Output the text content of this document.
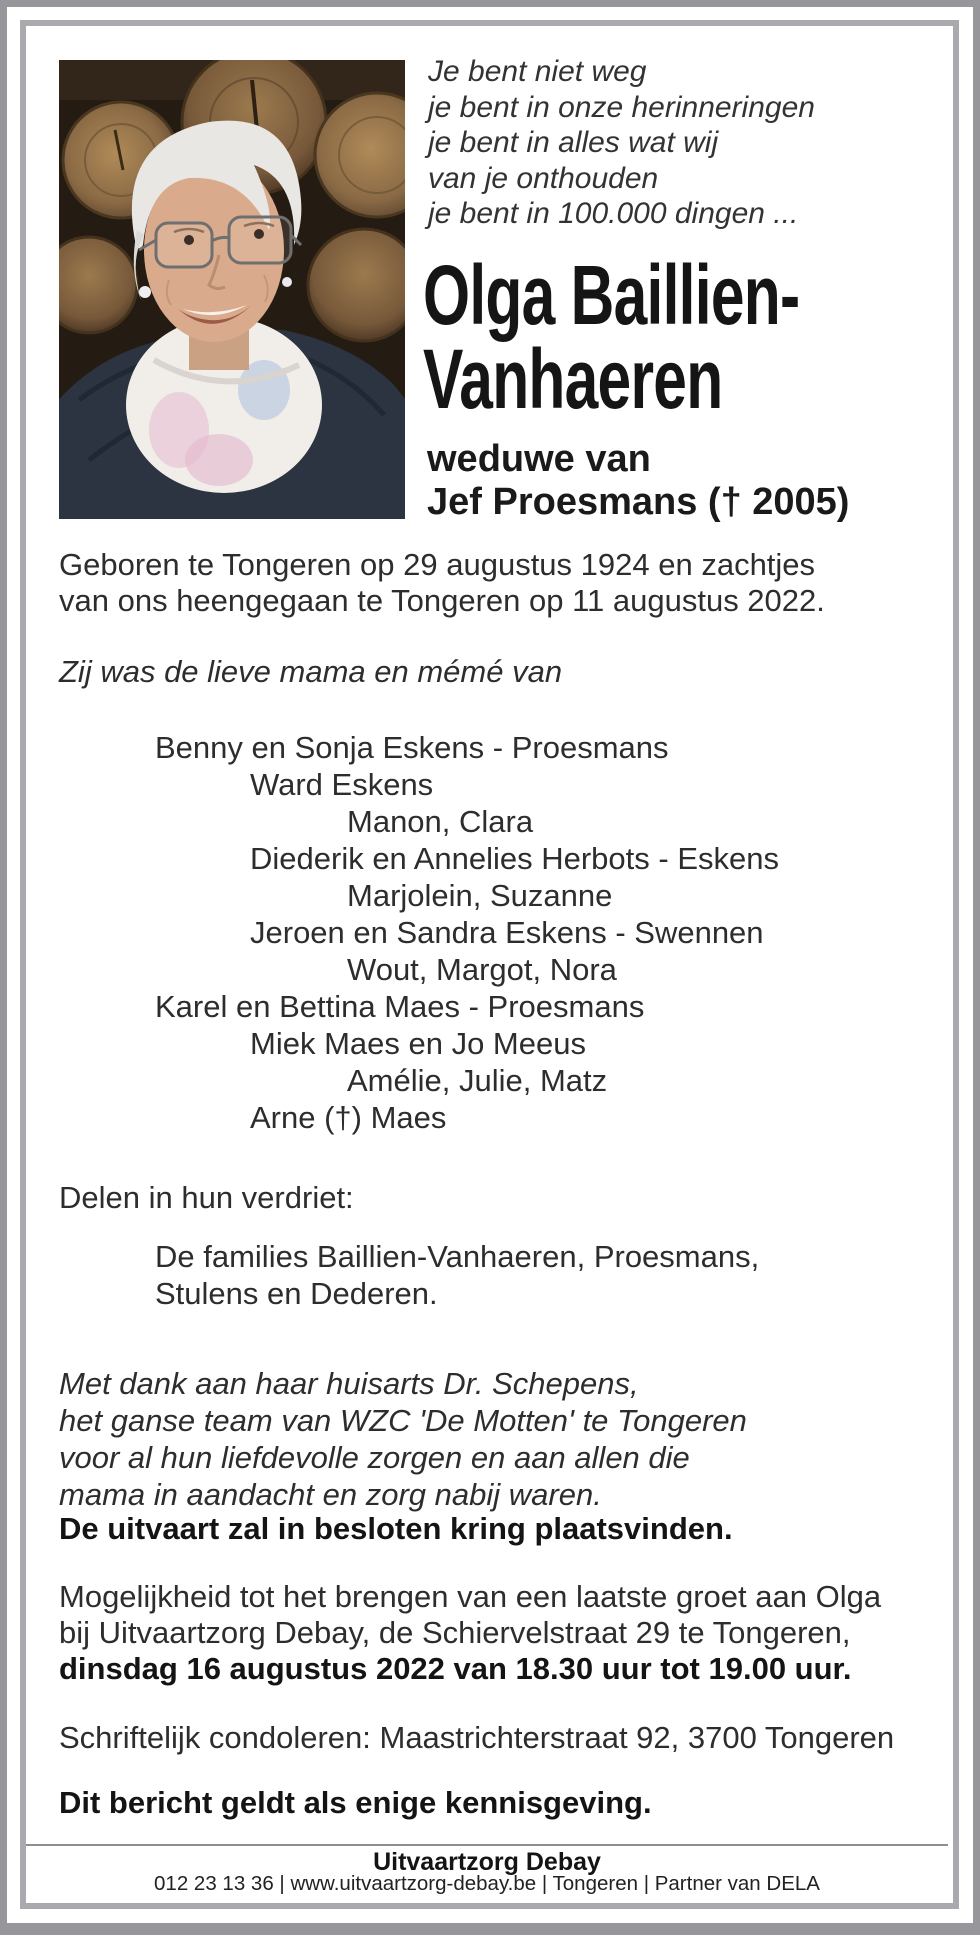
Je bent niet weg
je bent in onze herinneringen
je bent in alles wat wij
van je onthouden
je bent in 100.000 dingen ...
Olga Baillien-
Vanhaeren
weduwe van
Jef Proesmans († 2005)
Geboren te Tongeren op 29 augustus 1924 en zachtjes
van ons heengegaan te Tongeren op 11 augustus 2022.
Zij was de lieve mama en mémé van
Benny en Sonja Eskens - Proesmans
Ward Eskens
Manon, Clara
Diederik en Annelies Herbots - Eskens
Marjolein, Suzanne
Jeroen en Sandra Eskens - Swennen
Wout, Margot, Nora
Karel en Bettina Maes - Proesmans
Miek Maes en Jo Meeus
Amélie, Julie, Matz
Arne (†) Maes
Delen in hun verdriet:
De families Baillien-Vanhaeren, Proesmans,
Stulens en Dederen.
Met dank aan haar huisarts Dr. Schepens,
het ganse team van WZC 'De Motten' te Tongeren
voor al hun liefdevolle zorgen en aan allen die
mama in aandacht en zorg nabij waren.
De uitvaart zal in besloten kring plaatsvinden.
Mogelijkheid tot het brengen van een laatste groet aan Olga
bij Uitvaartzorg Debay, de Schiervelstraat 29 te Tongeren,
dinsdag 16 augustus 2022 van 18.30 uur tot 19.00 uur.
Schriftelijk condoleren: Maastrichterstraat 92, 3700 Tongeren
Dit bericht geldt als enige kennisgeving.
Uitvaartzorg Debay
012 23 13 36 | www.uitvaartzorg-debay.be | Tongeren | Partner van DELA
